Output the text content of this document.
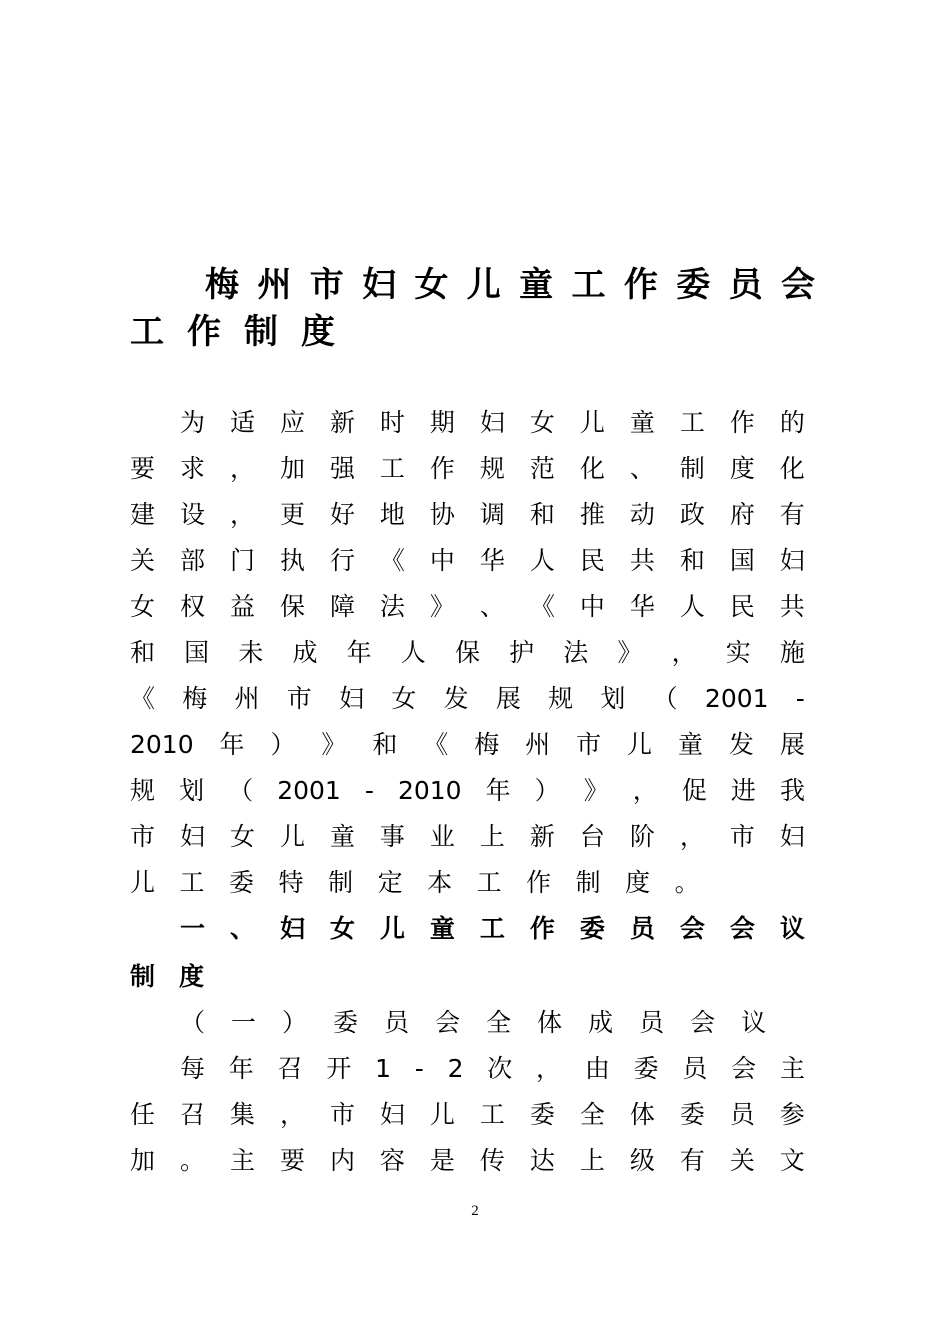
梅 州 市 妇 女 儿 童 工 作 委 员 会
工 作 制 度
为 适 应 新 时 期 妇 女 儿 童 工 作 的
要 求 ， 加 强 工 作 规 范 化 、 制 度 化
建 设 ， 更 好 地 协 调 和 推 动 政 府 有
关 部 门 执 行 《 中 华 人 民 共 和 国 妇
女 权 益 保 障 法 》 、 《 中 华 人 民 共
和 国 未 成 年 人 保 护 法 》 ， 实 施
《 梅 州 市 妇 女 发 展 规 划 （ 2001 -
2010 年 ） 》 和 《 梅 州 市 儿 童 发 展
规 划 （ 2001 - 2010 年 ） 》 ， 促 进 我
市 妇 女 儿 童 事 业 上 新 台 阶 ， 市 妇
儿 工 委 特 制 定 本 工 作 制 度 。
一 、 妇 女 儿 童 工 作 委 员 会 会 议
制 度
（ 一 ） 委 员 会 全 体 成 员 会 议
每 年 召 开 1 - 2 次 ， 由 委 员 会 主
任 召 集 ， 市 妇 儿 工 委 全 体 委 员 参
加 。 主 要 内 容 是 传 达 上 级 有 关 文
2
